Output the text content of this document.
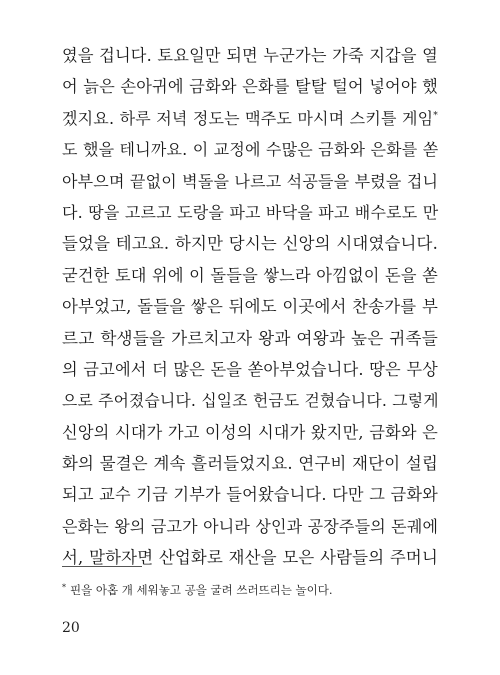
였을 겁니다. 토요일만 되면 누군가는 가죽 지갑을 열
어 늙은 손아귀에 금화와 은화를 탈탈 털어 넣어야 했
겠지요. 하루 저녁 정도는 맥주도 마시며 스키틀 게임*
도 했을 테니까요. 이 교정에 수많은 금화와 은화를 쏟
아부으며 끝없이 벽돌을 나르고 석공들을 부렸을 겁니
다. 땅을 고르고 도랑을 파고 바닥을 파고 배수로도 만
들었을 테고요. 하지만 당시는 신앙의 시대였습니다.
굳건한 토대 위에 이 돌들을 쌓느라 아낌없이 돈을 쏟
아부었고, 돌들을 쌓은 뒤에도 이곳에서 찬송가를 부
르고 학생들을 가르치고자 왕과 여왕과 높은 귀족들
의 금고에서 더 많은 돈을 쏟아부었습니다. 땅은 무상
으로 주어졌습니다. 십일조 헌금도 걷혔습니다. 그렇게
신앙의 시대가 가고 이성의 시대가 왔지만, 금화와 은
화의 물결은 계속 흘러들었지요. 연구비 재단이 설립
되고 교수 기금 기부가 들어왔습니다. 다만 그 금화와
은화는 왕의 금고가 아니라 상인과 공장주들의 돈궤에
서, 말하자면 산업화로 재산을 모은 사람들의 주머니
* 핀을 아홉 개 세워놓고 공을 굴려 쓰러뜨리는 놀이다.
20
